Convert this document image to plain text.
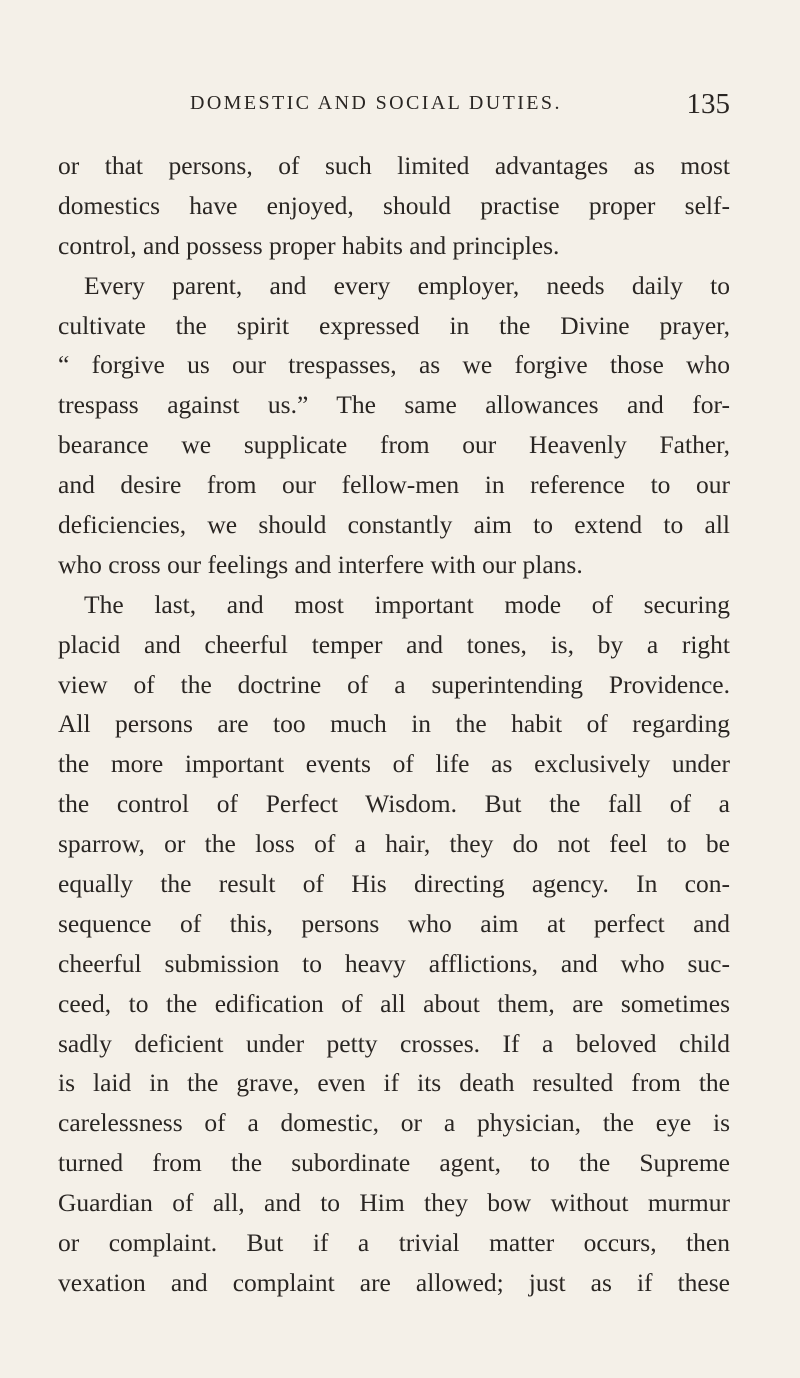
DOMESTIC AND SOCIAL DUTIES.	135
or that persons, of such limited advantages as most
domestics have enjoyed, should practise proper self-
control, and possess proper habits and principles.
Every parent, and every employer, needs daily to
cultivate the spirit expressed in the Divine prayer,
“ forgive us our trespasses, as we forgive those who
trespass against us.” The same allowances and for-
bearance we supplicate from our Heavenly Father,
and desire from our fellow-men in reference to our
deficiencies, we should constantly aim to extend to all
who cross our feelings and interfere with our plans.
The last, and most important mode of securing
placid and cheerful temper and tones, is, by a right
view of the doctrine of a superintending Providence.
All persons are too much in the habit of regarding
the more important events of life as exclusively under
the control of Perfect Wisdom. But the fall of a
sparrow, or the loss of a hair, they do not feel to be
equally the result of His directing agency. In con-
sequence of this, persons who aim at perfect and
cheerful submission to heavy afflictions, and who suc-
ceed, to the edification of all about them, are sometimes
sadly deficient under petty crosses. If a beloved child
is laid in the grave, even if its death resulted from the
carelessness of a domestic, or a physician, the eye is
turned from the subordinate agent, to the Supreme
Guardian of all, and to Him they bow without murmur
or complaint. But if a trivial matter occurs, then
vexation and complaint are allowed; just as if these
